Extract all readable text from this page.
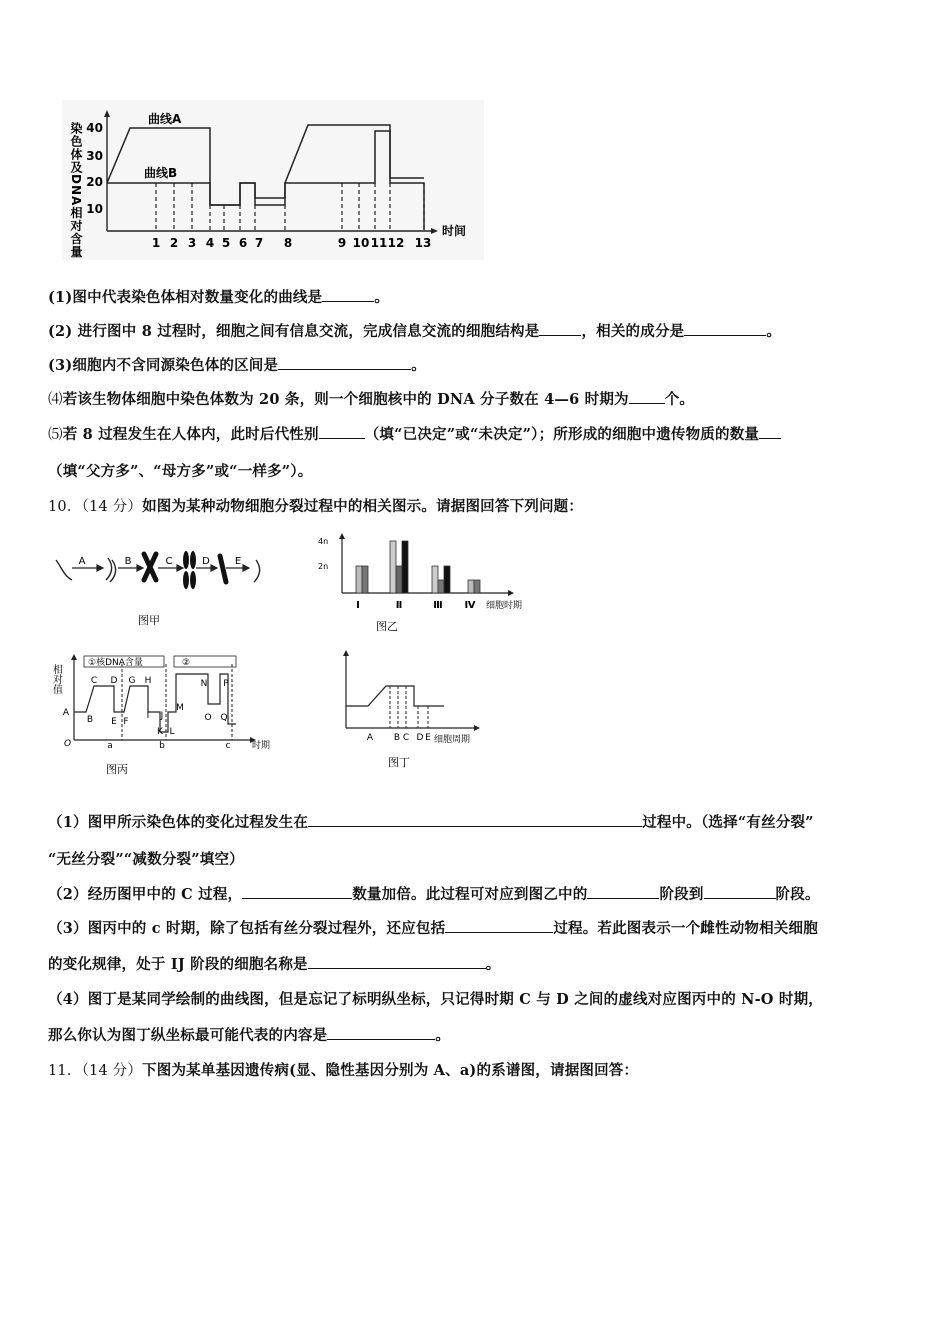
染色体及DNA相对含量 40
30
20
10
曲线A
曲线B
1 2 3 4 5 6 7 8	9 10 11 12 13
时间
(1)图中代表染色体相对数量变化的曲线是	。
(2) 进行图中 8 过程时，细胞之间有信息交流，完成信息交流的细胞结构是	，相关的成分是	。
(3)细胞内不含同源染色体的区间是	。
⑷若该生物体细胞中染色体数为 20 条，则一个细胞核中的 DNA 分子数在 4—6 时期为 个。
⑸若 8 过程发生在人体内，此时后代性别	（填“已决定”或“未决定”）；所形成的细胞中遗传物质的数量
（填“父方多”、“母方多”或“一样多”）。
10．（14 分）如图为某种动物细胞分裂过程中的相关图示。请据图回答下列问题：
A	B	C	D E
图甲
4n
2n
Ⅰ	Ⅱ	Ⅲ Ⅳ 细胞时期
图乙
相对值
①核DNA含量	②
A
B
C D
E F
G H
I J
K L
M
N
O
P
Q
O	a	b	c 时期
图丙
A B C D E 细胞周期
图丁
（1）图甲所示染色体的变化过程发生在	过程中。（选择“有丝分裂”
“无丝分裂”“减数分裂”填空）
（2）经历图甲中的 C 过程，	数量加倍。此过程可对应到图乙中的	阶段到	阶段。
（3）图丙中的 c 时期，除了包括有丝分裂过程外，还应包括	过程。若此图表示一个雌性动物相关细胞
的变化规律，处于 IJ 阶段的细胞名称是	。
（4）图丁是某同学绘制的曲线图，但是忘记了标明纵坐标，只记得时期 C 与 D 之间的虚线对应图丙中的 N-O 时期，
那么你认为图丁纵坐标最可能代表的内容是	。
11．（14 分）下图为某单基因遗传病(显、隐性基因分别为 A、a)的系谱图，请据图回答：
